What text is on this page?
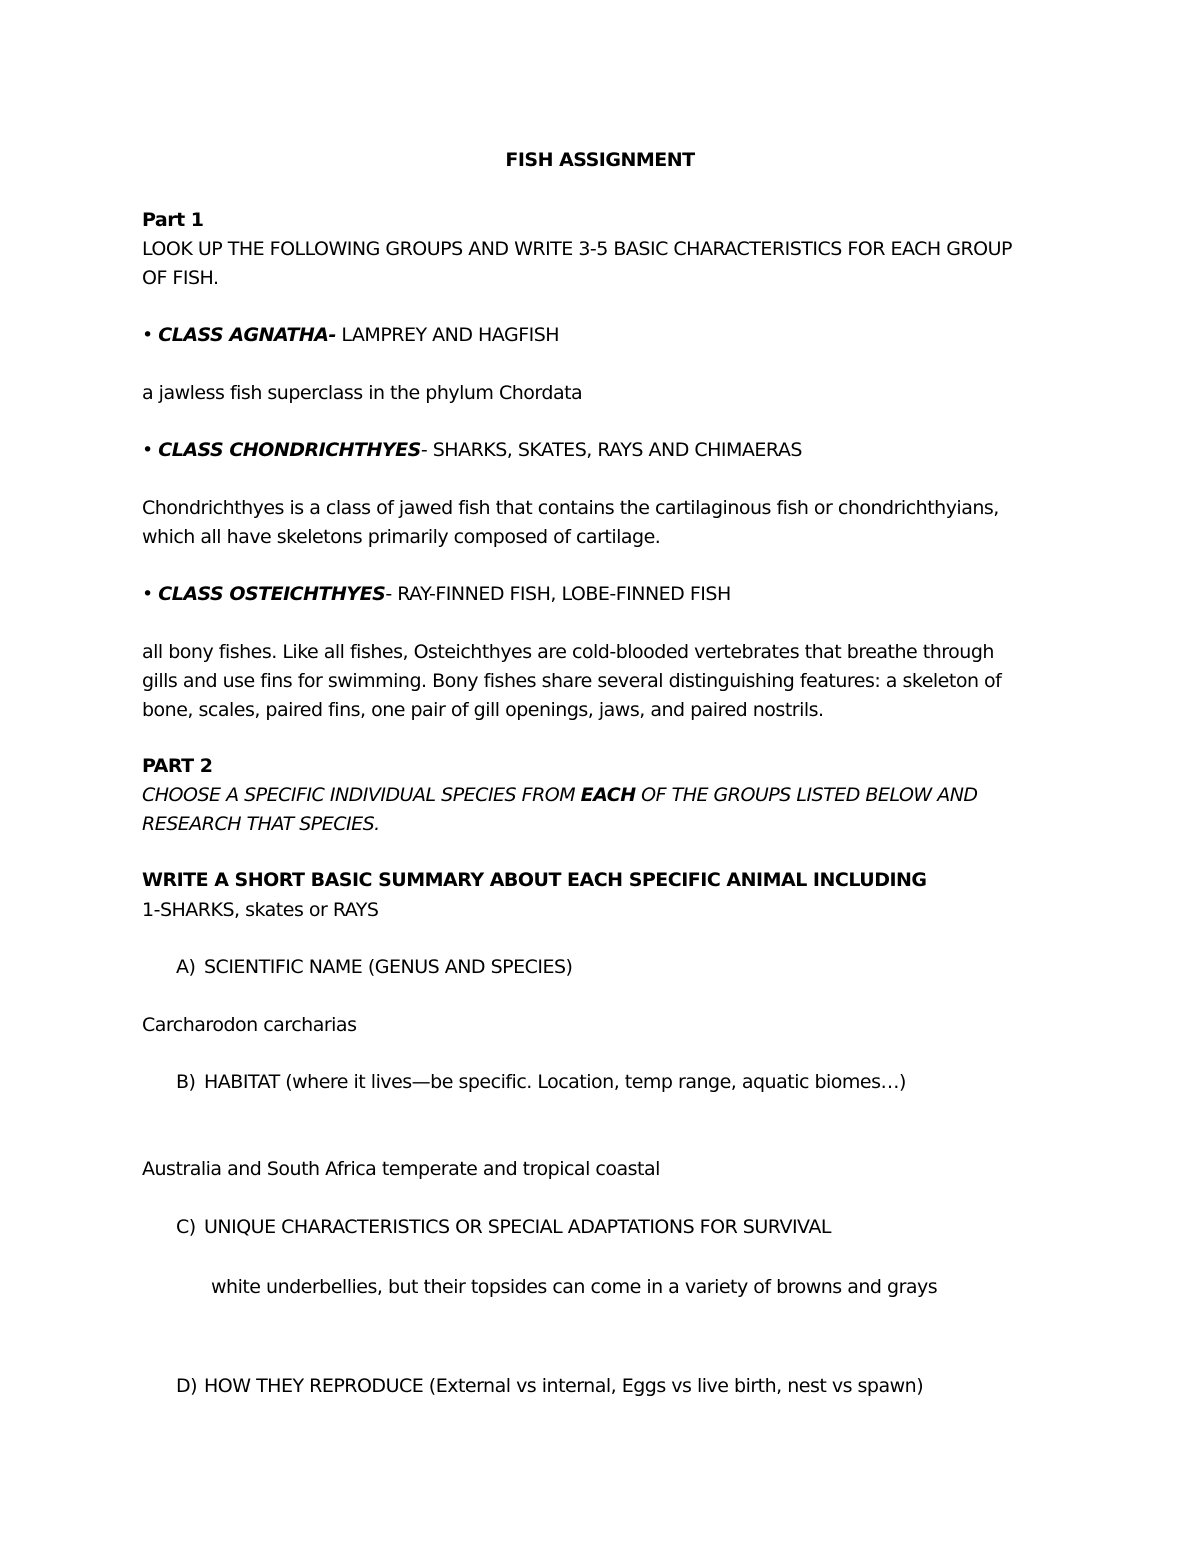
FISH ASSIGNMENT
Part 1
LOOK UP THE FOLLOWING GROUPS AND WRITE 3-5 BASIC CHARACTERISTICS FOR EACH GROUP
OF FISH.
• CLASS AGNATHA- LAMPREY AND HAGFISH
a jawless fish superclass in the phylum Chordata
• CLASS CHONDRICHTHYES- SHARKS, SKATES, RAYS AND CHIMAERAS
Chondrichthyes is a class of jawed fish that contains the cartilaginous fish or chondrichthyians,
which all have skeletons primarily composed of cartilage.
• CLASS OSTEICHTHYES- RAY-FINNED FISH, LOBE-FINNED FISH
all bony fishes. Like all fishes, Osteichthyes are cold-blooded vertebrates that breathe through
gills and use fins for swimming. Bony fishes share several distinguishing features: a skeleton of
bone, scales, paired fins, one pair of gill openings, jaws, and paired nostrils.
PART 2
CHOOSE A SPECIFIC INDIVIDUAL SPECIES FROM EACH OF THE GROUPS LISTED BELOW AND
RESEARCH THAT SPECIES.
WRITE A SHORT BASIC SUMMARY ABOUT EACH SPECIFIC ANIMAL INCLUDING
1-SHARKS, skates or RAYS
A) SCIENTIFIC NAME (GENUS AND SPECIES)
Carcharodon carcharias
B) HABITAT (where it lives—be specific. Location, temp range, aquatic biomes…)
Australia and South Africa temperate and tropical coastal
C) UNIQUE CHARACTERISTICS OR SPECIAL ADAPTATIONS FOR SURVIVAL
white underbellies, but their topsides can come in a variety of browns and grays
D) HOW THEY REPRODUCE (External vs internal, Eggs vs live birth, nest vs spawn)
